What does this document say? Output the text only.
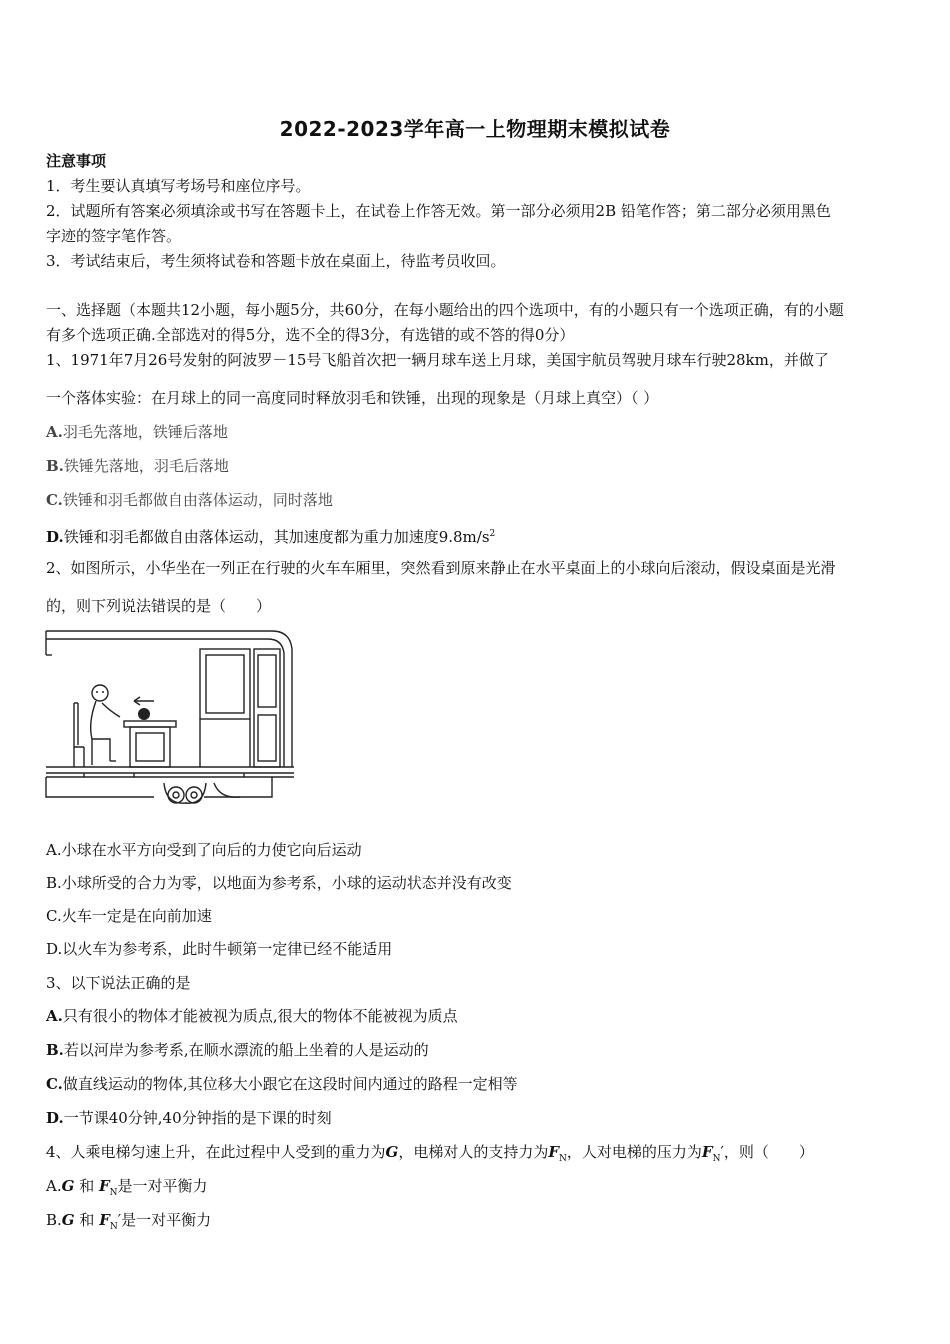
2022-2023学年高一上物理期末模拟试卷
注意事项
1．考生要认真填写考场号和座位序号。
2．试题所有答案必须填涂或书写在答题卡上，在试卷上作答无效。第一部分必须用2B 铅笔作答；第二部分必须用黑色
字迹的签字笔作答。
3．考试结束后，考生须将试卷和答题卡放在桌面上，待监考员收回。
一、选择题（本题共12小题，每小题5分，共60分，在每小题给出的四个选项中，有的小题只有一个选项正确，有的小题
有多个选项正确.全部选对的得5分，选不全的得3分，有选错的或不答的得0分）
1、1971年7月26号发射的阿波罗－15号飞船首次把一辆月球车送上月球，美国宇航员驾驶月球车行驶28km，并做了
一个落体实验：在月球上的同一高度同时释放羽毛和铁锤，出现的现象是（月球上真空）（ ）
A.羽毛先落地，铁锤后落地
B.铁锤先落地，羽毛后落地
C.铁锤和羽毛都做自由落体运动，同时落地
D.铁锤和羽毛都做自由落体运动，其加速度都为重力加速度$9.8m/s^2$
2、如图所示，小华坐在一列正在行驶的火车车厢里，突然看到原来静止在水平桌面上的小球向后滚动，假设桌面是光滑
的，则下列说法错误的是（　　）
A.小球在水平方向受到了向后的力使它向后运动
B.小球所受的合力为零，以地面为参考系，小球的运动状态并没有改变
C.火车一定是在向前加速
D.以火车为参考系，此时牛顿第一定律已经不能适用
3、以下说法正确的是
A.只有很小的物体才能被视为质点,很大的物体不能被视为质点
B.若以河岸为参考系,在顺水漂流的船上坐着的人是运动的
C.做直线运动的物体,其位移大小跟它在这段时间内通过的路程一定相等
D.一节课40分钟,40分钟指的是下课的时刻
4、人乘电梯匀速上升，在此过程中人受到的重力为G，电梯对人的支持力为$F_N$，人对电梯的压力为$F_N'$，则（　　）
A.G 和 $F_N$是一对平衡力
B.G 和 $F_N'$是一对平衡力
